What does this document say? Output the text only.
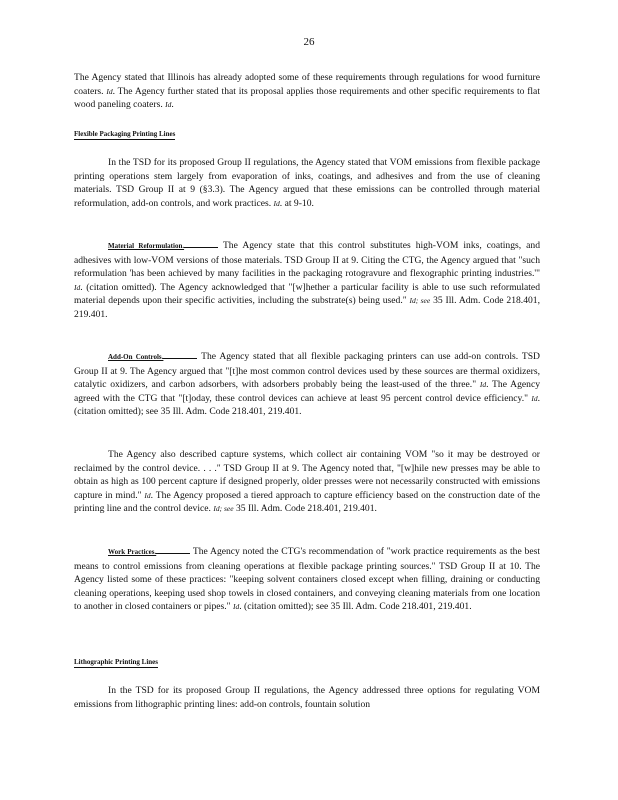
26

The Agency stated that Illinois has already adopted some of these requirements through regulations for wood furniture coaters. Id. The Agency further stated that its proposal applies those requirements and other specific requirements to flat wood paneling coaters. Id.

Flexible Packaging Printing Lines

In the TSD for its proposed Group II regulations, the Agency stated that VOM emissions from flexible package printing operations stem largely from evaporation of inks, coatings, and adhesives and from the use of cleaning materials. TSD Group II at 9 (§3.3). The Agency argued that these emissions can be controlled through material reformulation, add-on controls, and work practices. Id. at 9-10.

Material Reformulation.	The Agency state that this control substitutes high-VOM inks, coatings, and adhesives with low-VOM versions of those materials. TSD Group II at 9. Citing the CTG, the Agency argued that "such reformulation 'has been achieved by many facilities in the packaging rotogravure and flexographic printing industries.'" Id. (citation omitted). The Agency acknowledged that "[w]hether a particular facility is able to use such reformulated material depends upon their specific activities, including the substrate(s) being used." Id; see 35 Ill. Adm. Code 218.401, 219.401.

Add-On Controls.	The Agency stated that all flexible packaging printers can use add-on controls. TSD Group II at 9. The Agency argued that "[t]he most common control devices used by these sources are thermal oxidizers, catalytic oxidizers, and carbon adsorbers, with adsorbers probably being the least-used of the three." Id. The Agency agreed with the CTG that "[t]oday, these control devices can achieve at least 95 percent control device efficiency." Id. (citation omitted); see 35 Ill. Adm. Code 218.401, 219.401.

The Agency also described capture systems, which collect air containing VOM "so it may be destroyed or reclaimed by the control device. . . ." TSD Group II at 9. The Agency noted that, "[w]hile new presses may be able to obtain as high as 100 percent capture if designed properly, older presses were not necessarily constructed with emissions capture in mind." Id. The Agency proposed a tiered approach to capture efficiency based on the construction date of the printing line and the control device. Id; see 35 Ill. Adm. Code 218.401, 219.401.

Work Practices.	The Agency noted the CTG's recommendation of "work practice requirements as the best means to control emissions from cleaning operations at flexible package printing sources." TSD Group II at 10. The Agency listed some of these practices: "keeping solvent containers closed except when filling, draining or conducting cleaning operations, keeping used shop towels in closed containers, and conveying cleaning materials from one location to another in closed containers or pipes." Id. (citation omitted); see 35 Ill. Adm. Code 218.401, 219.401.

Lithographic Printing Lines

In the TSD for its proposed Group II regulations, the Agency addressed three options for regulating VOM emissions from lithographic printing lines: add-on controls, fountain solution
